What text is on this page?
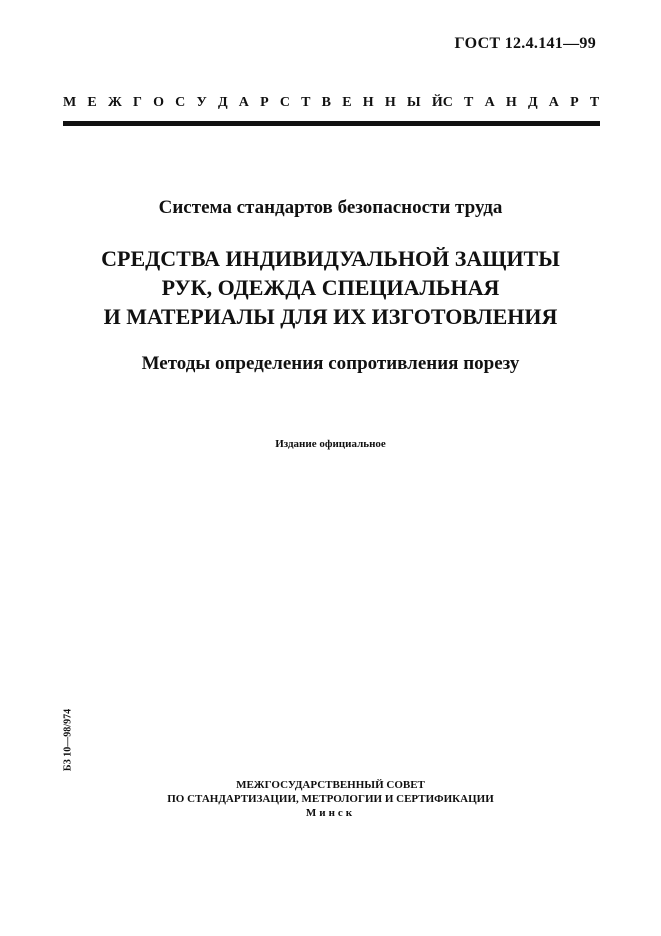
ГОСТ 12.4.141—99
М Е Ж Г О С У Д А Р С Т В Е Н Н Ы Й С Т А Н Д А Р Т
Система стандартов безопасности труда
СРЕДСТВА ИНДИВИДУАЛЬНОЙ ЗАЩИТЫ
РУК, ОДЕЖДА СПЕЦИАЛЬНАЯ
И МАТЕРИАЛЫ ДЛЯ ИХ ИЗГОТОВЛЕНИЯ
Методы определения сопротивления порезу
Издание официальное
БЗ 10—98/974
МЕЖГОСУДАРСТВЕННЫЙ СОВЕТ
ПО СТАНДАРТИЗАЦИИ, МЕТРОЛОГИИ И СЕРТИФИКАЦИИ
Минск
